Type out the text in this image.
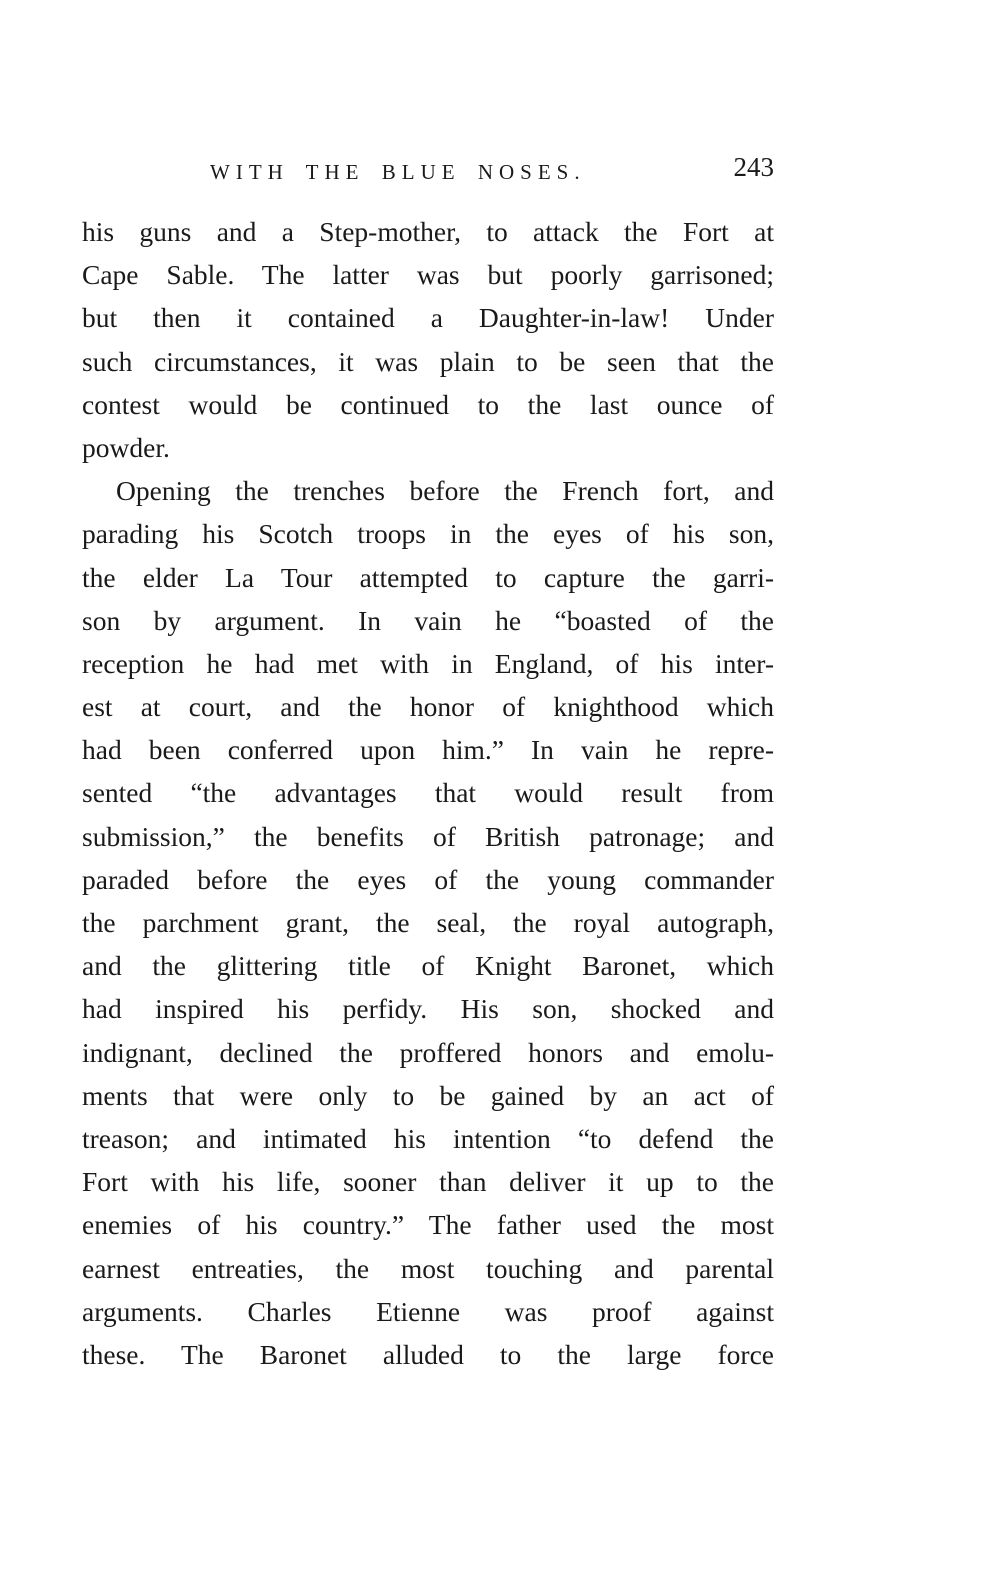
WITH THE BLUE NOSES.	243
his guns and a Step-mother, to attack the Fort at
Cape Sable. The latter was but poorly garrisoned;
but then it contained a Daughter-in-law! Under
such circumstances, it was plain to be seen that the
contest would be continued to the last ounce of
powder.
Opening the trenches before the French fort, and
parading his Scotch troops in the eyes of his son,
the elder La Tour attempted to capture the garri-
son by argument. In vain he “boasted of the
reception he had met with in England, of his inter-
est at court, and the honor of knighthood which
had been conferred upon him.” In vain he repre-
sented “the advantages that would result from
submission,” the benefits of British patronage; and
paraded before the eyes of the young commander
the parchment grant, the seal, the royal autograph,
and the glittering title of Knight Baronet, which
had inspired his perfidy. His son, shocked and
indignant, declined the proffered honors and emolu-
ments that were only to be gained by an act of
treason; and intimated his intention “to defend the
Fort with his life, sooner than deliver it up to the
enemies of his country.” The father used the most
earnest entreaties, the most touching and parental
arguments. Charles Etienne was proof against
these. The Baronet alluded to the large force
